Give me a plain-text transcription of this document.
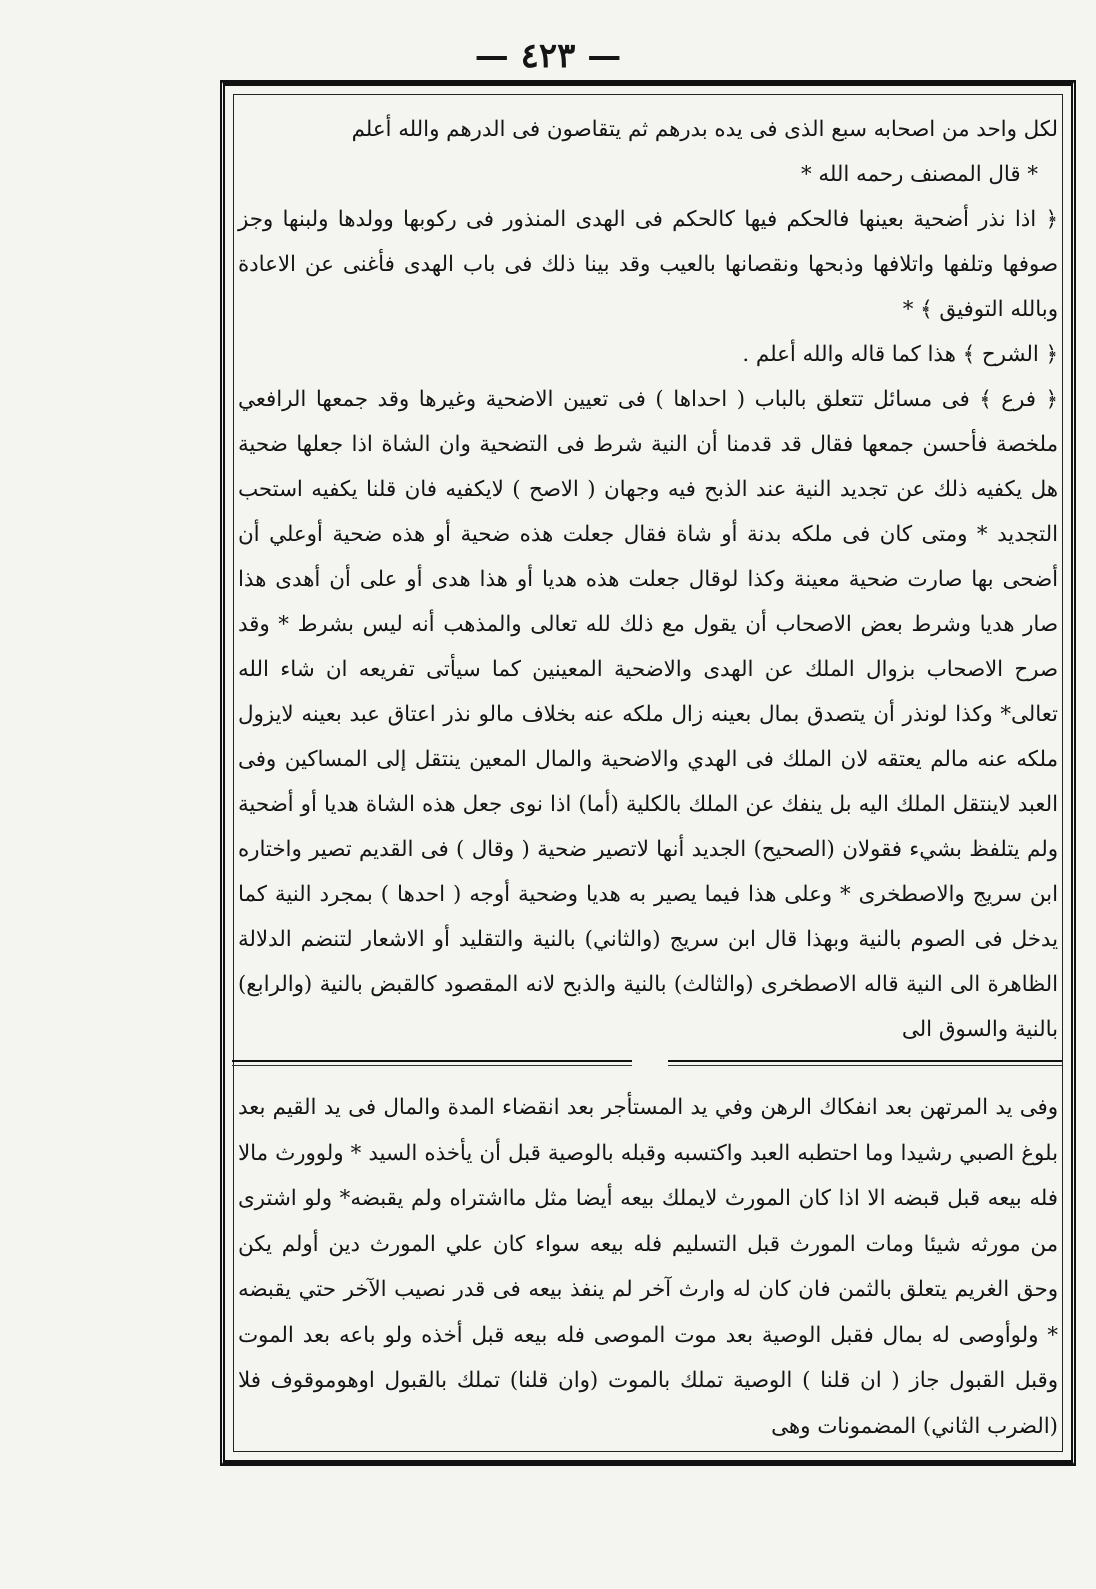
— ٤٢٣ —

لكل واحد من اصحابه سبع الذى فى يده بدرهم ثم يتقاصون فى الدرهم والله أعلم

* قال المصنف رحمه الله *

﴿ اذا نذر أضحية بعينها فالحكم فيها كالحكم فى الهدى المنذور فى ركوبها وولدها ولبنها وجز صوفها وتلفها واتلافها وذبحها ونقصانها بالعيب وقد بينا ذلك فى باب الهدى فأغنى عن الاعادة وبالله التوفيق ﴾ *

﴿ الشرح ﴾ هذا كما قاله والله أعلم .

﴿ فرع ﴾ فى مسائل تتعلق بالباب ( احداها ) فى تعيين الاضحية وغيرها وقد جمعها الرافعي ملخصة فأحسن جمعها فقال قد قدمنا أن النية شرط فى التضحية وان الشاة اذا جعلها ضحية هل يكفيه ذلك عن تجديد النية عند الذبح فيه وجهان ( الاصح ) لايكفيه فان قلنا يكفيه استحب التجديد * ومتى كان فى ملكه بدنة أو شاة فقال جعلت هذه ضحية أو هذه ضحية أوعلي أن أضحى بها صارت ضحية معينة وكذا لوقال جعلت هذه هديا أو هذا هدى أو على أن أهدى هذا صار هديا وشرط بعض الاصحاب أن يقول مع ذلك لله تعالى والمذهب أنه ليس بشرط * وقد صرح الاصحاب بزوال الملك عن الهدى والاضحية المعينين كما سيأتى تفريعه ان شاء الله تعالى* وكذا لونذر أن يتصدق بمال بعينه زال ملكه عنه بخلاف مالو نذر اعتاق عبد بعينه لايزول ملكه عنه مالم يعتقه لان الملك فى الهدي والاضحية والمال المعين ينتقل إلى المساكين وفى العبد لاينتقل الملك اليه بل ينفك عن الملك بالكلية (أما) اذا نوى جعل هذه الشاة هديا أو أضحية ولم يتلفظ بشيء فقولان (الصحيح) الجديد أنها لاتصير ضحية ( وقال ) فى القديم تصير واختاره ابن سريج والاصطخرى * وعلى هذا فيما يصير به هديا وضحية أوجه ( احدها ) بمجرد النية كما يدخل فى الصوم بالنية وبهذا قال ابن سريج (والثاني) بالنية والتقليد أو الاشعار لتنضم الدلالة الظاهرة الى النية قاله الاصطخرى (والثالث) بالنية والذبح لانه المقصود كالقبض بالنية (والرابع) بالنية والسوق الى

وفى يد المرتهن بعد انفكاك الرهن وفي يد المستأجر بعد انقضاء المدة والمال فى يد القيم بعد بلوغ الصبي رشيدا وما احتطبه العبد واكتسبه وقبله بالوصية قبل أن يأخذه السيد * ولوورث مالا فله بيعه قبل قبضه الا اذا كان المورث لايملك بيعه أيضا مثل مااشتراه ولم يقبضه* ولو اشترى من مورثه شيئا ومات المورث قبل التسليم فله بيعه سواء كان علي المورث دين أولم يكن وحق الغريم يتعلق بالثمن فان كان له وارث آخر لم ينفذ بيعه فى قدر نصيب الآخر حتي يقبضه * ولوأوصى له بمال فقبل الوصية بعد موت الموصى فله بيعه قبل أخذه ولو باعه بعد الموت وقبل القبول جاز ( ان قلنا ) الوصية تملك بالموت (وان قلنا) تملك بالقبول اوهوموقوف فلا (الضرب الثاني) المضمونات وهى
